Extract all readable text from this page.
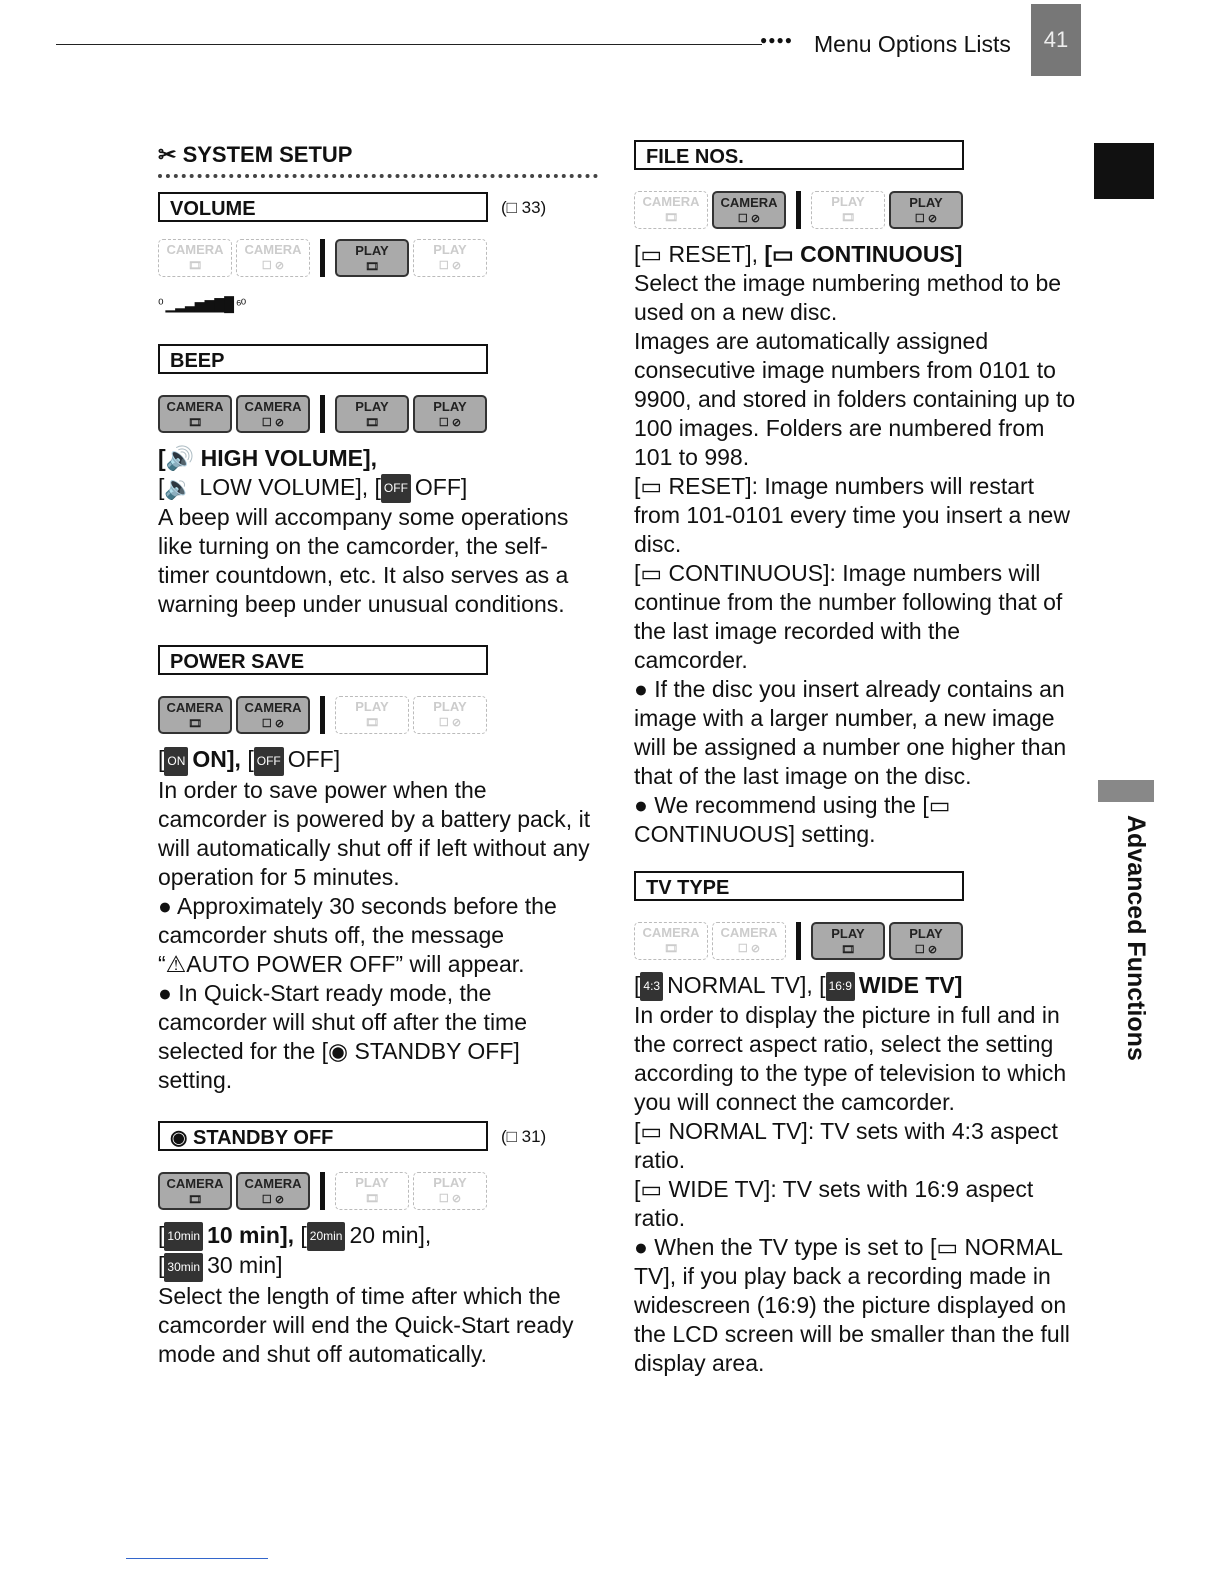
●●●● Menu Options Lists	41
Advanced Functions
✂ SYSTEM SETUP
VOLUME	(□ 33)
CAMERA
🎞
CAMERA
☐ ⊘
PLAY
🎞
PLAY
☐ ⊘
⁰ ▁▂▃▅▆▇█ ⁶⁰
BEEP
CAMERA
🎞
CAMERA
☐ ⊘
PLAY
🎞
PLAY
☐ ⊘
[🔊 HIGH VOLUME],
[🔉 LOW VOLUME], [ OFF OFF]
A beep will accompany some operations like turning on the camcorder, the self-timer countdown, etc. It also serves as a warning beep under unusual conditions.
POWER SAVE
CAMERA
🎞
CAMERA
☐ ⊘
PLAY
🎞
PLAY
☐ ⊘
[ ON ON], [ OFF OFF]
In order to save power when the camcorder is powered by a battery pack, it will automatically shut off if left without any operation for 5 minutes.
● Approximately 30 seconds before the camcorder shuts off, the message “⚠AUTO POWER OFF” will appear.
● In Quick-Start ready mode, the camcorder will shut off after the time selected for the [◉ STANDBY OFF] setting.
◉ STANDBY OFF	(□ 31)
CAMERA
🎞
CAMERA
☐ ⊘
PLAY
🎞
PLAY
☐ ⊘
[ 10min 10 min], [ 20min 20 min],
[ 30min 30 min]
Select the length of time after which the camcorder will end the Quick-Start ready mode and shut off automatically.
FILE NOS.
CAMERA
🎞
CAMERA
☐ ⊘
PLAY
🎞
PLAY
☐ ⊘
[▭ RESET], [▭ CONTINUOUS]
Select the image numbering method to be used on a new disc.
Images are automatically assigned consecutive image numbers from 0101 to 9900, and stored in folders containing up to 100 images. Folders are numbered from 101 to 998.
[▭ RESET]: Image numbers will restart from 101-0101 every time you insert a new disc.
[▭ CONTINUOUS]: Image numbers will continue from the number following that of the last image recorded with the camcorder.
● If the disc you insert already contains an image with a larger number, a new image will be assigned a number one higher than that of the last image on the disc.
● We recommend using the [▭ CONTINUOUS] setting.
TV TYPE
CAMERA
🎞
CAMERA
☐ ⊘
PLAY
🎞
PLAY
☐ ⊘
[ 4:3 NORMAL TV], [ 16:9 WIDE TV]
In order to display the picture in full and in the correct aspect ratio, select the setting according to the type of television to which you will connect the camcorder.
[▭ NORMAL TV]: TV sets with 4:3 aspect ratio.
[▭ WIDE TV]: TV sets with 16:9 aspect ratio.
● When the TV type is set to [▭ NORMAL TV], if you play back a recording made in widescreen (16:9) the picture displayed on the LCD screen will be smaller than the full display area.
